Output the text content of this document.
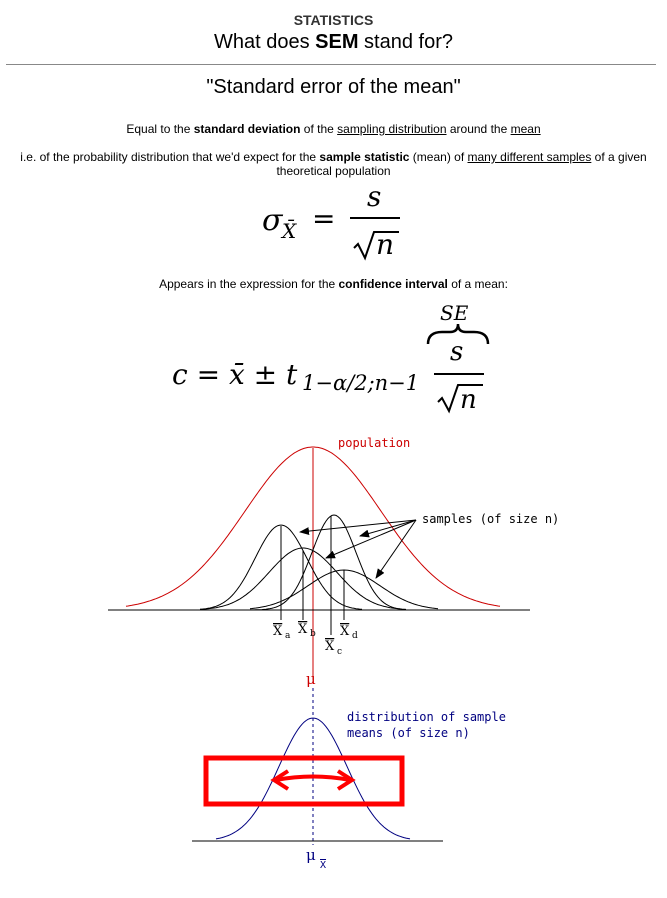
STATISTICS
What does SEM stand for?
"Standard error of the mean"
Equal to the standard deviation of the sampling distribution around the mean
i.e. of the probability distribution that we'd expect for the sample statistic (mean) of many different samples of a given theoretical population
σ X̄ =
s
n
Appears in the expression for the confidence interval of a mean:
c = x̄ ± t 1−α/2;n−1
SE
s
n
population
X a X b
X c
X d
samples (of size n)
μ
distribution of sample
means (of size n)
μ
X
